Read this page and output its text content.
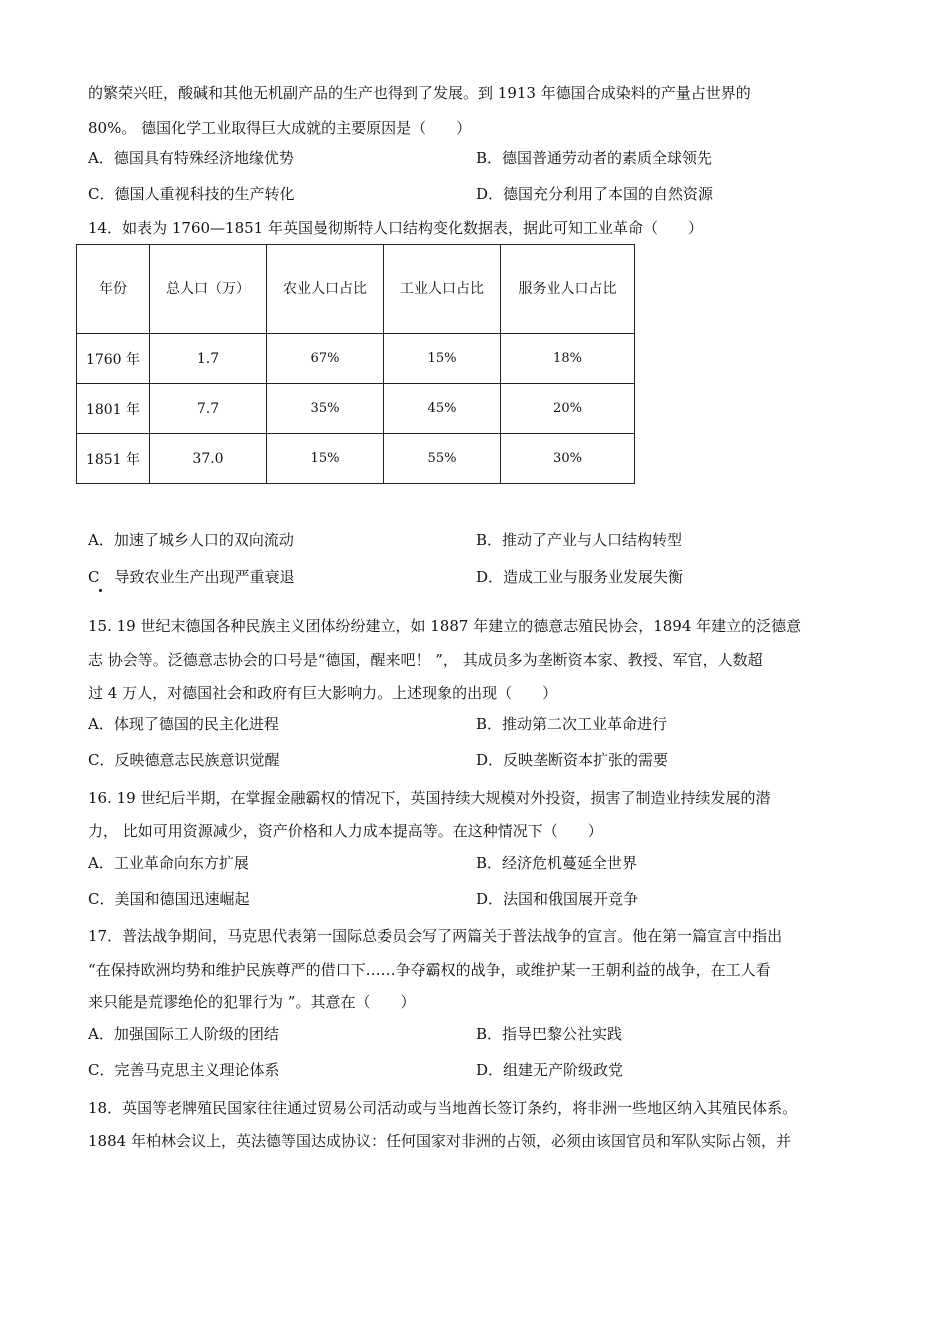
的繁荣兴旺，酸碱和其他无机副产品的生产也得到了发展。到 1913 年德国合成染料的产量占世界的
80%。 德国化学工业取得巨大成就的主要原因是（　　）
A．德国具有特殊经济地缘优势	B．德国普通劳动者的素质全球领先
C．德国人重视科技的生产转化	D．德国充分利用了本国的自然资源
14．如表为 1760—1851 年英国曼彻斯特人口结构变化数据表，据此可知工业革命（　　）
年份	总人口（万）	农业人口占比	工业人口占比	服务业人口占比

1760 年	1.7	67%	15%	18%
1801 年	7.7	35%	45%	20%
1851 年	37.0	15%	55%	30%
A．加速了城乡人口的双向流动	B．推动了产业与人口结构转型
C　导致农业生产出现严重衰退	D．造成工业与服务业发展失衡
15. 19 世纪末德国各种民族主义团体纷纷建立，如 1887 年建立的德意志殖民协会，1894 年建立的泛德意
志 协会等。泛德意志协会的口号是“德国，醒来吧！ ”， 其成员多为垄断资本家、教授、军官，人数超
过 4 万人，对德国社会和政府有巨大影响力。上述现象的出现（　　）
A．体现了德国的民主化进程	B．推动第二次工业革命进行
C．反映德意志民族意识觉醒	D．反映垄断资本扩张的需要
16. 19 世纪后半期，在掌握金融霸权的情况下，英国持续大规模对外投资，损害了制造业持续发展的潜
力， 比如可用资源减少，资产价格和人力成本提高等。在这种情况下（　　）
A．工业革命向东方扩展	B．经济危机蔓延全世界
C．美国和德国迅速崛起	D．法国和俄国展开竞争
17．普法战争期间，马克思代表第一国际总委员会写了两篇关于普法战争的宣言。他在第一篇宣言中指出
“在保持欧洲均势和维护民族尊严的借口下……争夺霸权的战争，或维护某一王朝利益的战争，在工人看
来只能是荒谬绝伦的犯罪行为 ”。其意在（　　）
A．加强国际工人阶级的团结	B．指导巴黎公社实践
C．完善马克思主义理论体系	D．组建无产阶级政党
18．英国等老牌殖民国家往往通过贸易公司活动或与当地酋长签订条约，将非洲一些地区纳入其殖民体系。
1884 年柏林会议上，英法德等国达成协议：任何国家对非洲的占领，必须由该国官员和军队实际占领，并
